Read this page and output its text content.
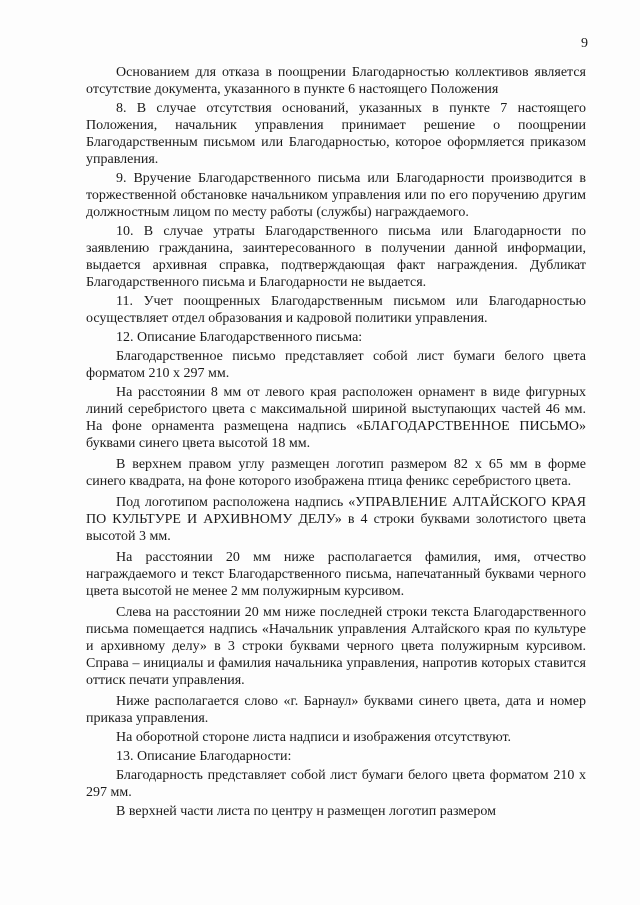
9

Основанием для отказа в поощрении Благодарностью коллективов является отсутствие документа, указанного в пункте 6 настоящего Положения

8. В случае отсутствия оснований, указанных в пункте 7 настоящего Положения, начальник управления принимает решение о поощрении Благодарственным письмом или Благодарностью, которое оформляется приказом управления.

9. Вручение Благодарственного письма или Благодарности производится в торжественной обстановке начальником управления или по его поручению другим должностным лицом по месту работы (службы) награждаемого.

10. В случае утраты Благодарственного письма или Благодарности по заявлению гражданина, заинтересованного в получении данной информации, выдается архивная справка, подтверждающая факт награждения. Дубликат Благодарственного письма и Благодарности не выдается.

11. Учет поощренных Благодарственным письмом или Благодарностью осуществляет отдел образования и кадровой политики управления.

12. Описание Благодарственного письма:

Благодарственное письмо представляет собой лист бумаги белого цвета форматом 210 х 297 мм.

На расстоянии 8 мм от левого края расположен орнамент в виде фигурных линий серебристого цвета с максимальной шириной выступающих частей 46 мм. На фоне орнамента размещена надпись «БЛАГОДАРСТВЕННОЕ ПИСЬМО» буквами синего цвета высотой 18 мм.

В верхнем правом углу размещен логотип размером 82 х 65 мм в форме синего квадрата, на фоне которого изображена птица феникс серебристого цвета.

Под логотипом расположена надпись «УПРАВЛЕНИЕ АЛТАЙСКОГО КРАЯ ПО КУЛЬТУРЕ И АРХИВНОМУ ДЕЛУ» в 4 строки буквами золотистого цвета высотой 3 мм.

На расстоянии 20 мм ниже располагается фамилия, имя, отчество награждаемого и текст Благодарственного письма, напечатанный буквами черного цвета высотой не менее 2 мм полужирным курсивом.

Слева на расстоянии 20 мм ниже последней строки текста Благодарственного письма помещается надпись «Начальник управления Алтайского края по культуре и архивному делу» в 3 строки буквами черного цвета полужирным курсивом. Справа – инициалы и фамилия начальника управления, напротив которых ставится оттиск печати управления.

Ниже располагается слово «г. Барнаул» буквами синего цвета, дата и номер приказа управления.

На оборотной стороне листа надписи и изображения отсутствуют.

13. Описание Благодарности:

Благодарность представляет собой лист бумаги белого цвета форматом 210 х 297 мм.

В верхней части листа по центру н размещен логотип размером
